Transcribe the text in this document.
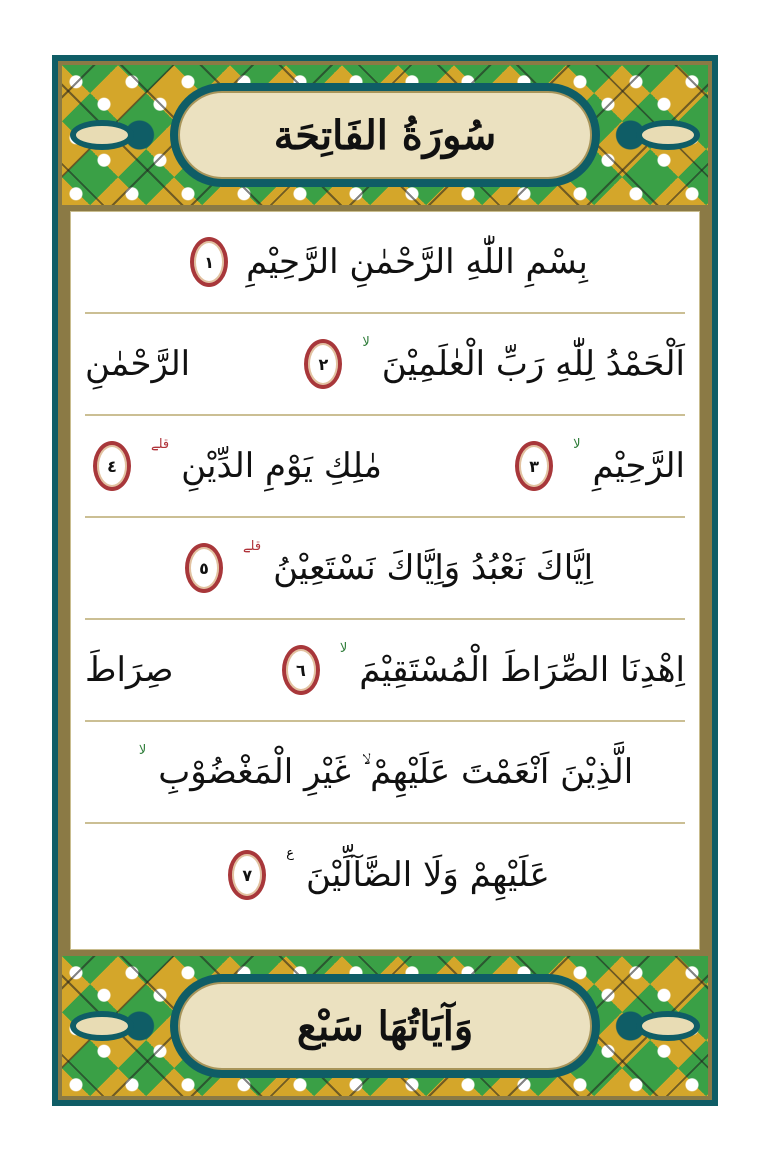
سُورَةُ الفَاتِحَة
بِسْمِ اللّٰهِ الرَّحْمٰنِ الرَّحِيْمِ
١
اَلْحَمْدُ لِلّٰهِ رَبِّ الْعٰلَمِيْنَ
لا
٢
الرَّحْمٰنِ
الرَّحِيْمِ
لا
٣
مٰلِكِ يَوْمِ الدِّيْنِ
قلے
٤
اِيَّاكَ نَعْبُدُ وَاِيَّاكَ نَسْتَعِيْنُ
قلے
٥
اِهْدِنَا الصِّرَاطَ الْمُسْتَقِيْمَ
لا
٦
صِرَاطَ
الَّذِيْنَ اَنْعَمْتَ عَلَيْهِمْ ۙ غَيْرِ الْمَغْضُوْبِ
لا
عَلَيْهِمْ وَلَا الضَّآلِّيْنَ
ع
٧
وَآيَاتُهَا سَبْع
